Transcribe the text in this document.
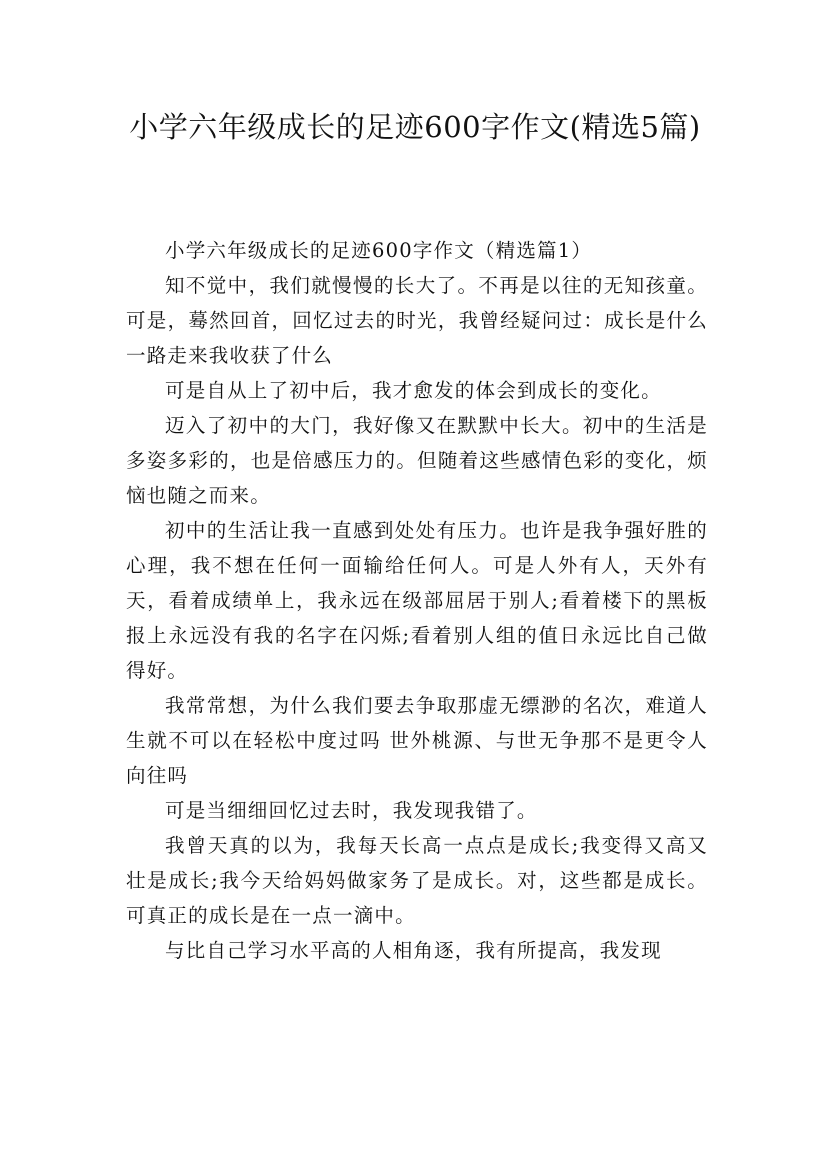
小学六年级成长的足迹600字作文(精选5篇)

小学六年级成长的足迹600字作文（精选篇1）

知不觉中，我们就慢慢的长大了。不再是以往的无知孩童。可是，蓦然回首，回忆过去的时光，我曾经疑问过：成长是什么 一路走来我收获了什么

可是自从上了初中后，我才愈发的体会到成长的变化。

迈入了初中的大门，我好像又在默默中长大。初中的生活是多姿多彩的，也是倍感压力的。但随着这些感情色彩的变化，烦恼也随之而来。

初中的生活让我一直感到处处有压力。也许是我争强好胜的心理，我不想在任何一面输给任何人。可是人外有人，天外有天，看着成绩单上，我永远在级部屈居于别人;看着楼下的黑板报上永远没有我的名字在闪烁;看着别人组的值日永远比自己做得好。

我常常想，为什么我们要去争取那虚无缥渺的名次，难道人生就不可以在轻松中度过吗 世外桃源、与世无争那不是更令人向往吗

可是当细细回忆过去时，我发现我错了。

我曾天真的以为，我每天长高一点点是成长;我变得又高又壮是成长;我今天给妈妈做家务了是成长。对，这些都是成长。可真正的成长是在一点一滴中。

与比自己学习水平高的人相角逐，我有所提高，我发现
